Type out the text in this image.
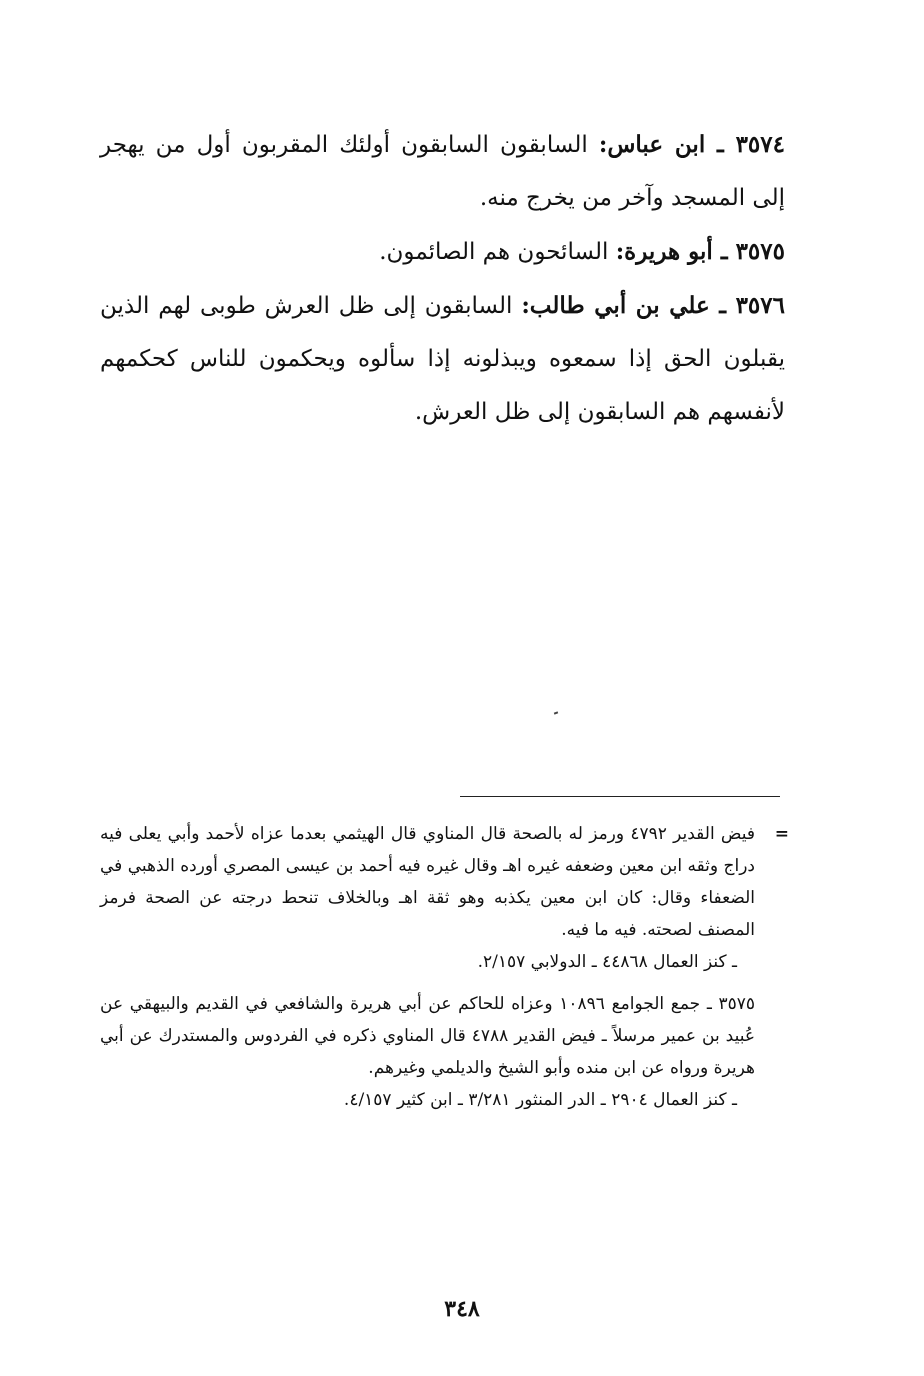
٣٥٧٤ ـ ابن عباس: السابقون السابقون أولئك المقربون أول من يهجر إلى المسجد وآخر من يخرج منه.

٣٥٧٥ ـ أبو هريرة: السائحون هم الصائمون.

٣٥٧٦ ـ علي بن أبي طالب: السابقون إلى ظل العرش طوبى لهم الذين يقبلون الحق إذا سمعوه ويبذلونه إذا سألوه ويحكمون للناس كحكمهم لأنفسهم هم السابقون إلى ظل العرش.

=
فيض القدير ٤٧٩٢ ورمز له بالصحة قال المناوي قال الهيثمي بعدما عزاه لأحمد وأبي يعلى فيه دراج وثقه ابن معين وضعفه غيره اهـ وقال غيره فيه أحمد بن عيسى المصري أورده الذهبي في الضعفاء وقال: كان ابن معين يكذبه وهو ثقة اهـ وبالخلاف تنحط درجته عن الصحة فرمز المصنف لصحته. فيه ما فيه.

ـ كنز العمال ٤٤٨٦٨ ـ الدولابي ٢/١٥٧.

٣٥٧٥ ـ جمع الجوامع ١٠٨٩٦ وعزاه للحاكم عن أبي هريرة والشافعي في القديم والبيهقي عن عُبيد بن عمير مرسلاً ـ فيض القدير ٤٧٨٨ قال المناوي ذكره في الفردوس والمستدرك عن أبي هريرة ورواه عن ابن منده وأبو الشيخ والديلمي وغيرهم.

ـ كنز العمال ٢٩٠٤ ـ الدر المنثور ٣/٢٨١ ـ ابن كثير ٤/١٥٧.

٣٤٨
